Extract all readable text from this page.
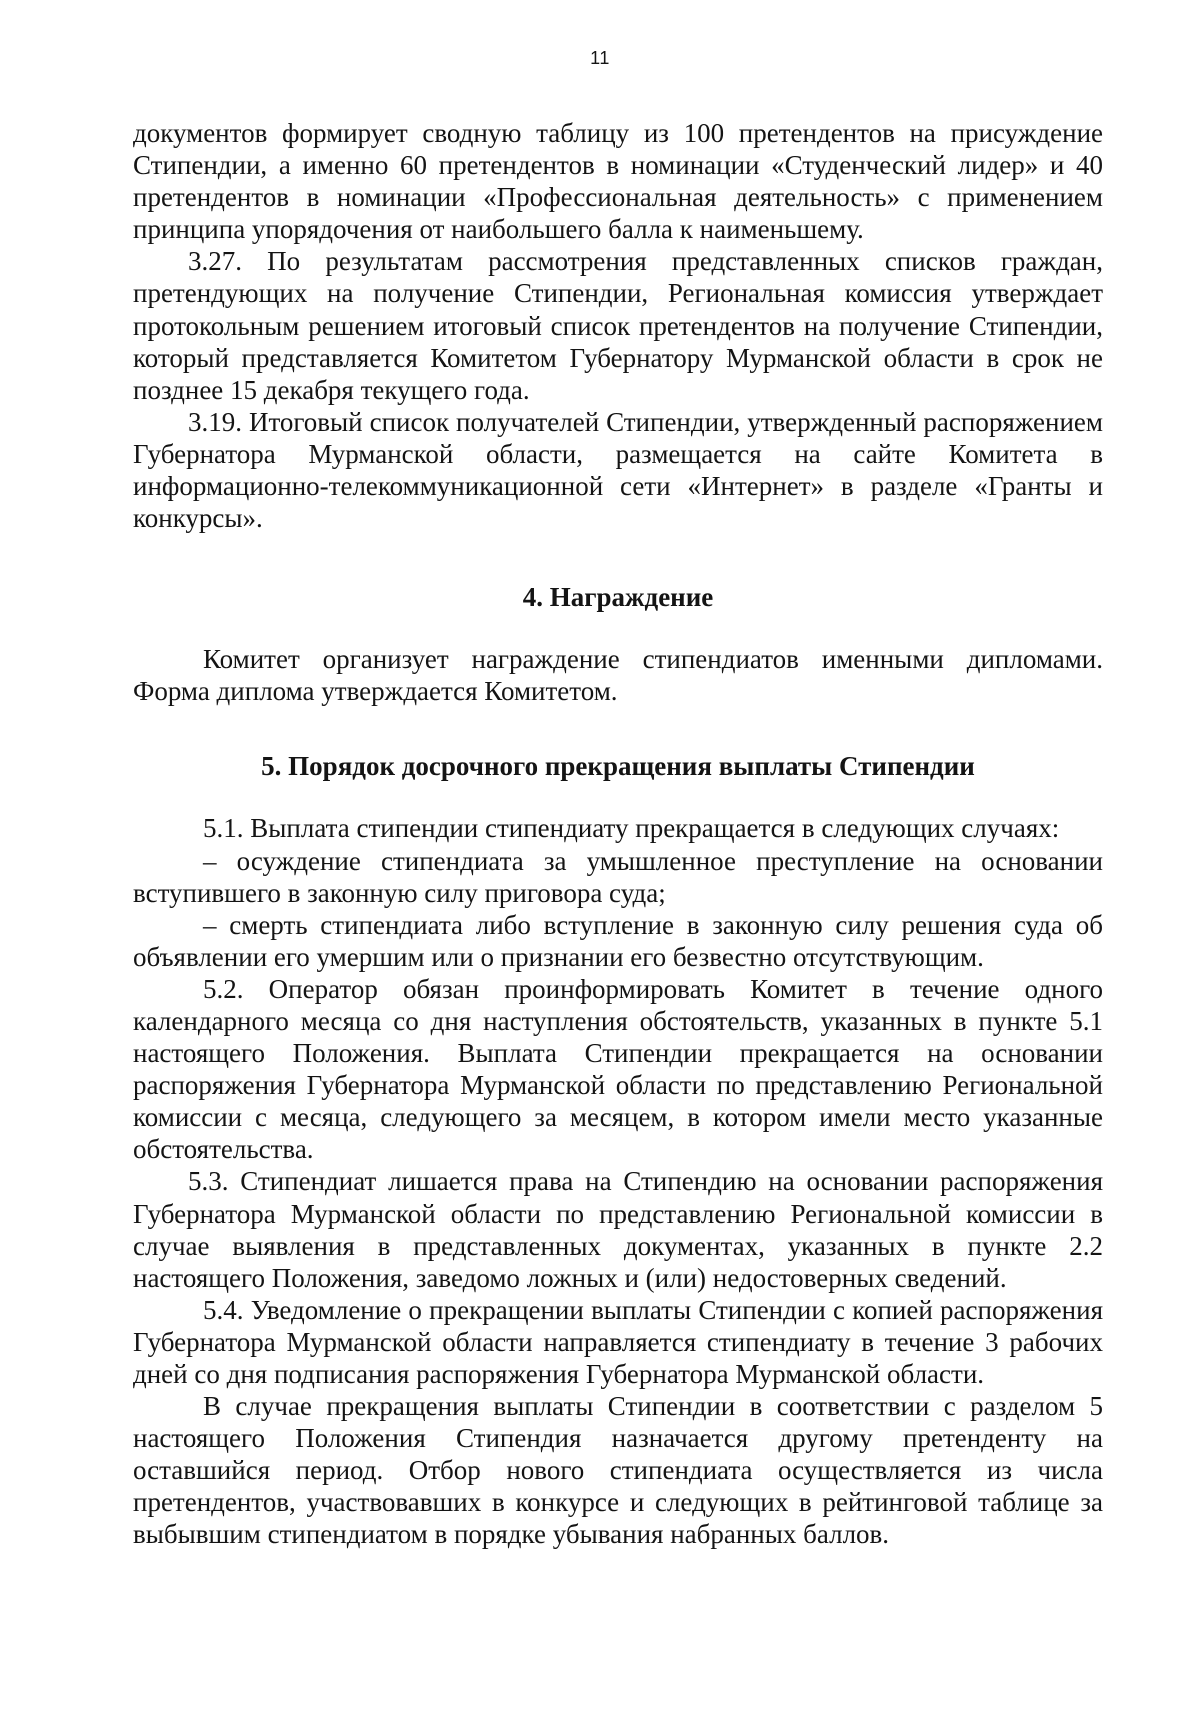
11

документов формирует сводную таблицу из 100 претендентов на присуждение Стипендии, а именно 60 претендентов в номинации «Студенческий лидер» и 40 претендентов в номинации «Профессиональная деятельность» с применением принципа упорядочения от наибольшего балла к наименьшему.

3.27. По результатам рассмотрения представленных списков граждан, претендующих на получение Стипендии, Региональная комиссия утверждает протокольным решением итоговый список претендентов на получение Стипендии, который представляется Комитетом Губернатору Мурманской области в срок не позднее 15 декабря текущего года.

3.19. Итоговый список получателей Стипендии, утвержденный распоряжением Губернатора Мурманской области, размещается на сайте Комитета в информационно-телекоммуникационной сети «Интернет» в разделе «Гранты и конкурсы».

4. Награждение

Комитет организует награждение стипендиатов именными дипломами. Форма диплома утверждается Комитетом.

5. Порядок досрочного прекращения выплаты Стипендии

5.1. Выплата стипендии стипендиату прекращается в следующих случаях:

– осуждение стипендиата за умышленное преступление на основании вступившего в законную силу приговора суда;

– смерть стипендиата либо вступление в законную силу решения суда об объявлении его умершим или о признании его безвестно отсутствующим.

5.2. Оператор обязан проинформировать Комитет в течение одного календарного месяца со дня наступления обстоятельств, указанных в пункте 5.1 настоящего Положения. Выплата Стипендии прекращается на основании распоряжения Губернатора Мурманской области по представлению Региональной комиссии с месяца, следующего за месяцем, в котором имели место указанные обстоятельства.

5.3. Стипендиат лишается права на Стипендию на основании распоряжения Губернатора Мурманской области по представлению Региональной комиссии в случае выявления в представленных документах, указанных в пункте 2.2 настоящего Положения, заведомо ложных и (или) недостоверных сведений.

5.4. Уведомление о прекращении выплаты Стипендии с копией распоряжения Губернатора Мурманской области направляется стипендиату в течение 3 рабочих дней со дня подписания распоряжения Губернатора Мурманской области.

В случае прекращения выплаты Стипендии в соответствии с разделом 5 настоящего Положения Стипендия назначается другому претенденту на оставшийся период. Отбор нового стипендиата осуществляется из числа претендентов, участвовавших в конкурсе и следующих в рейтинговой таблице за выбывшим стипендиатом в порядке убывания набранных баллов.
